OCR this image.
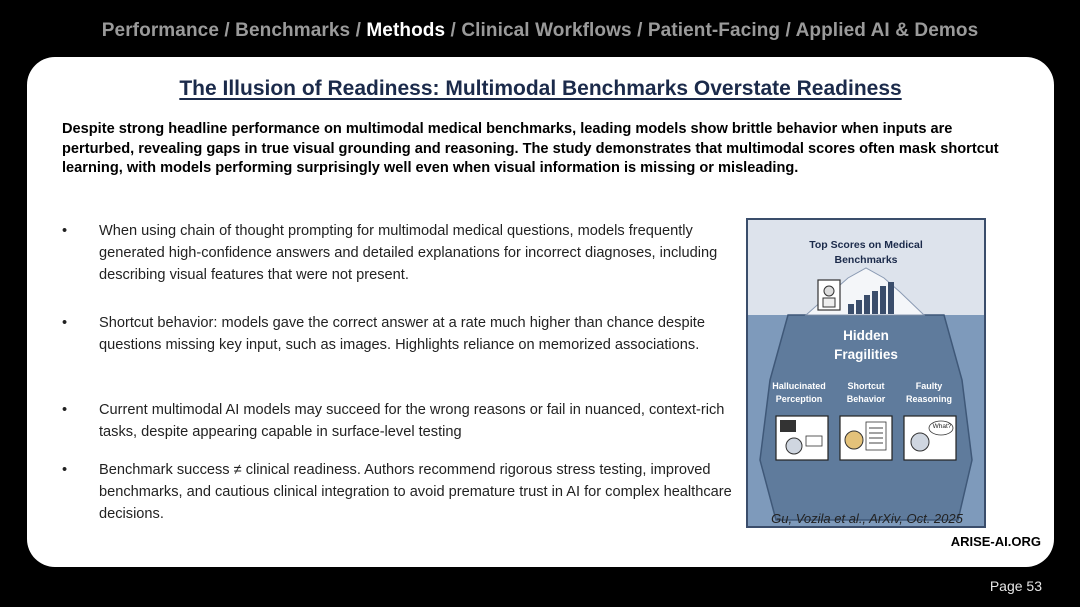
Performance / Benchmarks / Methods / Clinical Workflows / Patient-Facing / Applied AI & Demos
The Illusion of Readiness: Multimodal Benchmarks Overstate Readiness
Despite strong headline performance on multimodal medical benchmarks, leading models show brittle behavior when inputs are perturbed, revealing gaps in true visual grounding and reasoning. The study demonstrates that multimodal scores often mask shortcut learning, with models performing surprisingly well even when visual information is missing or misleading.
• When using chain of thought prompting for multimodal medical questions, models frequently generated high-confidence answers and detailed explanations for incorrect diagnoses, including describing visual features that were not present.
• Shortcut behavior: models gave the correct answer at a rate much higher than chance despite questions missing key input, such as images. Highlights reliance on memorized associations.
• Current multimodal AI models may succeed for the wrong reasons or fail in nuanced, context-rich tasks, despite appearing capable in surface-level testing
• Benchmark success ≠ clinical readiness. Authors recommend rigorous stress testing, improved benchmarks, and cautious clinical integration to avoid premature trust in AI for complex healthcare decisions.
Top Scores on Medical Benchmarks
Hidden Fragilities
Hallucinated Perception
Shortcut Behavior
Faulty Reasoning
What?
Gu, Vozila et al., ArXiv, Oct. 2025
ARISE-AI.ORG
Page 53
